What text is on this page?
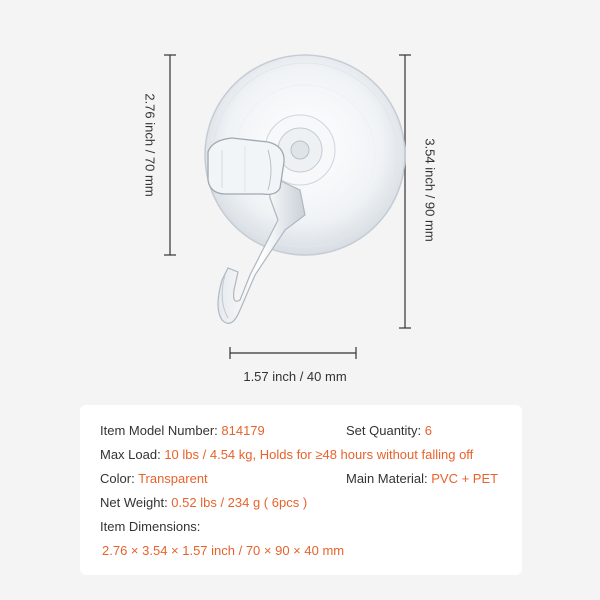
2.76 inch / 70 mm	3.54 inch / 90 mm
1.57 inch / 40 mm
Item Model Number: 814179	Set Quantity: 6
Max Load: 10 lbs / 4.54 kg, Holds for ≥48 hours without falling off
Color: Transparent	Main Material: PVC + PET
Net Weight: 0.52 lbs / 234 g ( 6pcs )
Item Dimensions:
2.76 × 3.54 × 1.57 inch / 70 × 90 × 40 mm
